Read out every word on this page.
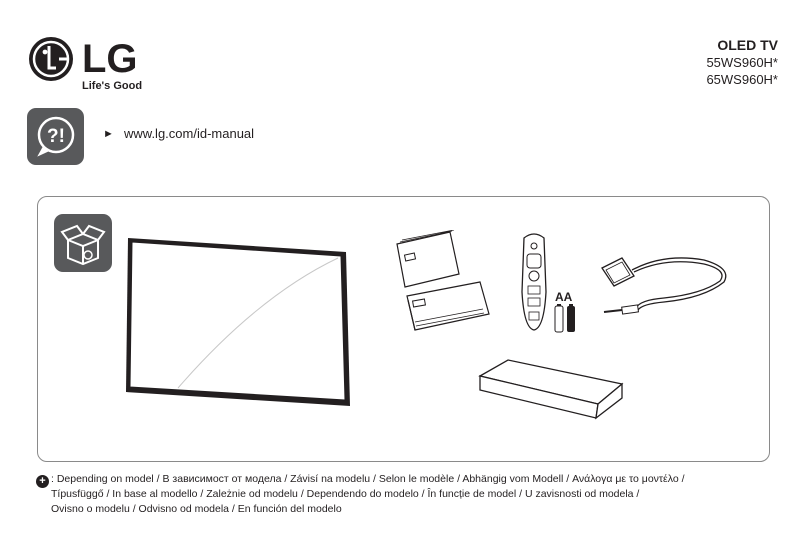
LG
Life's Good
OLED TV
55WS960H*
65WS960H*
?!	► www.lg.com/id-manual
AA
+ : Depending on model / В зависимост от модела / Závisí na modelu / Selon le modèle / Abhängig vom Modell / Ανάλογα με το μοντέλο /
Típusfüggő / In base al modello / Zależnie od modelu / Dependendo do modelo / În funcție de model / U zavisnosti od modela /
Ovisno o modelu / Odvisno od modela / En función del modelo
